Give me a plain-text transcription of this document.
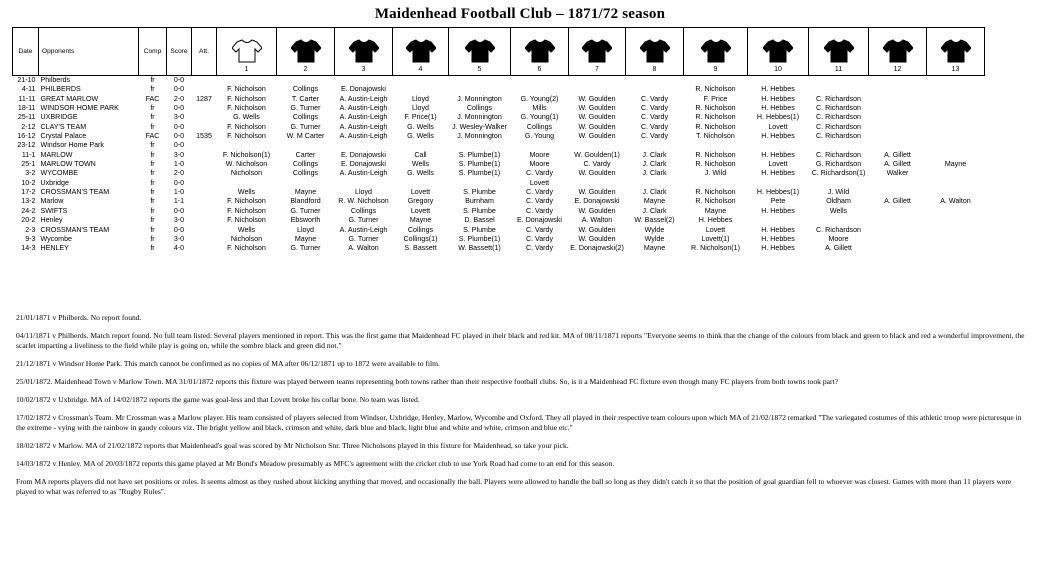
Maidenhead Football Club – 1871/72 season
Date	Opponents	Comp	Score	Att.	1	2	3	4	5	6	7	8	9	10	11	12	13

21-10	Philberds	fr	0-0														
4-11	PHILBERDS	fr	0-0		F. Nicholson	Collings	E. Donajowski						R. Nicholson	H. Hebbes			
11-11	GREAT MARLOW	FAC	2-0	1287	F. Nicholson	T. Carter	A. Austin-Leigh	Lloyd	J. Monnington	G. Young(2)	W. Goulden	C. Vardy	F. Price	H. Hebbes	C. Richardson		
18-11	WINDSOR HOME PARK	fr	0-0		F. Nicholson	G. Turner	A. Austin-Leigh	Lloyd	Collings	Mills	W. Goulden	C. Vardy	R. Nicholson	H. Hebbes	C. Richardson		
25-11	UXBRIDGE	fr	3-0		G. Wells	Collings	A. Austin-Leigh	F. Price(1)	J. Monnington	G. Young(1)	W. Goulden	C. Vardy	R. Nicholson	H. Hebbes(1)	C. Richardson		
2-12	CLAY'S TEAM	fr	0-0		F. Nicholson	G. Turner	A. Austin-Leigh	G. Wells	J. Wesley-Walker	Collings	W. Goulden	C. Vardy	R. Nicholson	Lovett	C. Richardson		
16-12	Crystal Palace	FAC	0-0	1535	F. Nicholson	W. M Carter	A. Austin-Leigh	G. Wells	J. Monnington	G. Young	W. Goulden	C. Vardy	T. Nicholson	H. Hebbes	C. Richardson		
23-12	Windsor Home Park	fr	0-0														
11-1	MARLOW	fr	3-0		F. Nicholson(1)	Carter	E. Donajowski	Call	S. Plumbe(1)	Moore	W. Goulden(1)	J. Clark	R. Nicholson	H. Hebbes	C. Richardson	A. Gillett	
25-1	MARLOW TOWN	fr	1-0		W. Nicholson	Collings	E. Donajowski	Wells	S. Plumbe(1)	Moore	C. Vardy	J. Clark	R. Nicholson	Lovett	G. Richardson	A. Gillett	Mayne
3-2	WYCOMBE	fr	2-0		Nicholson	Collings	A. Austin-Leigh	G. Wells	S. Plumbe(1)	C. Vardy	W. Goulden	J. Clark	J. Wild	H. Hebbes	C. Richardson(1)	Walker	
10-2	Uxbridge	fr	0-0							Lovett							
17-2	CROSSMAN'S TEAM	fr	1-0		Wells	Mayne	Lloyd	Lovett	S. Plumbe	C. Vardy	W. Goulden	J. Clark	R. Nicholson	H. Hebbes(1)	J. Wild		
13-2	Marlow	fr	1-1		F. Nicholson	Blandford	R. W. Nicholson	Gregory	Burnham	C. Vardy	E. Donajowski	Mayne	R. Nicholson	Pete	Oldham	A. Gillett	A. Walton
24-2	SWIFTS	fr	0-0		F. Nicholson	G. Turner	Collings	Lovett	S. Plumbe	C. Vardy	W. Goulden	J. Clark	Mayne	H. Hebbes	Wells		
20-2	Henley	fr	3-0		F. Nicholson	Ebsworth	G. Turner	Mayne	D. Bassel	E. Donajowski	A. Walton	W. Bassel(2)	H. Hebbes				
2-3	CROSSMAN'S TEAM	fr	0-0		Wells	Lloyd	A. Austin-Leigh	Collings	S. Plumbe	C. Vardy	W. Goulden	Wylde	Lovett	H. Hebbes	C. Richardson		
9-3	Wycombe	fr	3-0		Nicholson	Mayne	G. Turner	Collings(1)	S. Plumbe(1)	C. Vardy	W. Goulden	Wylde	Lovett(1)	H. Hebbes	Moore		
14-3	HENLEY	fr	4-0		F. Nicholson	G. Turner	A. Walton	S. Bassett	W. Bassett(1)	C. Vardy	E. Donajowski(2)	Mayne	R. Nicholson(1)	H. Hebbes	A. Gillett		

21/01/1871 v Philberds. No report found.

04/11/1871 v Philberds. Match report found. No full team listed. Several players mentioned in report. This was the first game that Maidenhead FC played in their black and red kit. MA of 08/11/1871 reports "Everyone seems to think that the change of the colours from black and green to black and red a wonderful improvement, the scarlet imparting a liveliness to the field while play is going on, while the sombre black and green did not."

21/12/1871 v Windsor Home Park. This match cannot be confirmed as no copies of MA after 06/12/1871 up to 1872 were available to film.

25/01/1872. Maidenhead Town v Marlow Town. MA 31/01/1872 reports this fixture was played between teams representing both towns rather than their respective football clubs. So, is it a Maidenhead FC fixture even though many FC players from both towns took part?

10/02/1872 v Uxbridge. MA of 14/02/1872 reports the game was goal-less and that Lovett broke his collar bone. No team was listed.

17/02/1872 v Crossman's Team. Mr Crossman was a Marlow player. His team consisted of players selected from Windsor, Uxbridge, Henley, Marlow, Wycombe and Oxford. They all played in their respective team colours upon which MA of 21/02/1872 remarked "The variegated costumes of this athletic troop were picturesque in the extreme - vying with the rainbow in gaudy colours viz. The bright yellow and black, crimson and white, dark blue and black, light blue and white and white, crimson and blue etc."

18/02/1872 v Marlow. MA of 21/02/1872 reports that Maidenhead's goal was scored by Mr Nicholson Snr. Three Nicholsons played in this fixture for Maidenhead, so take your pick.

14/03/1872 v Henley. MA of 20/03/1872 reports this game played at Mr Bond's Meadow presumably as MFC's agreement with the cricket club to use York Road had come to an end for this season.

From MA reports players did not have set positions or roles. It seems almost as they rushed about kicking anything that moved, and occasionally the ball. Players were allowed to handle the ball so long as they didn't catch it so that the position of goal guardian fell to whoever was closest. Games with more than 11 players were played to what was referred to as "Rugby Rules".
